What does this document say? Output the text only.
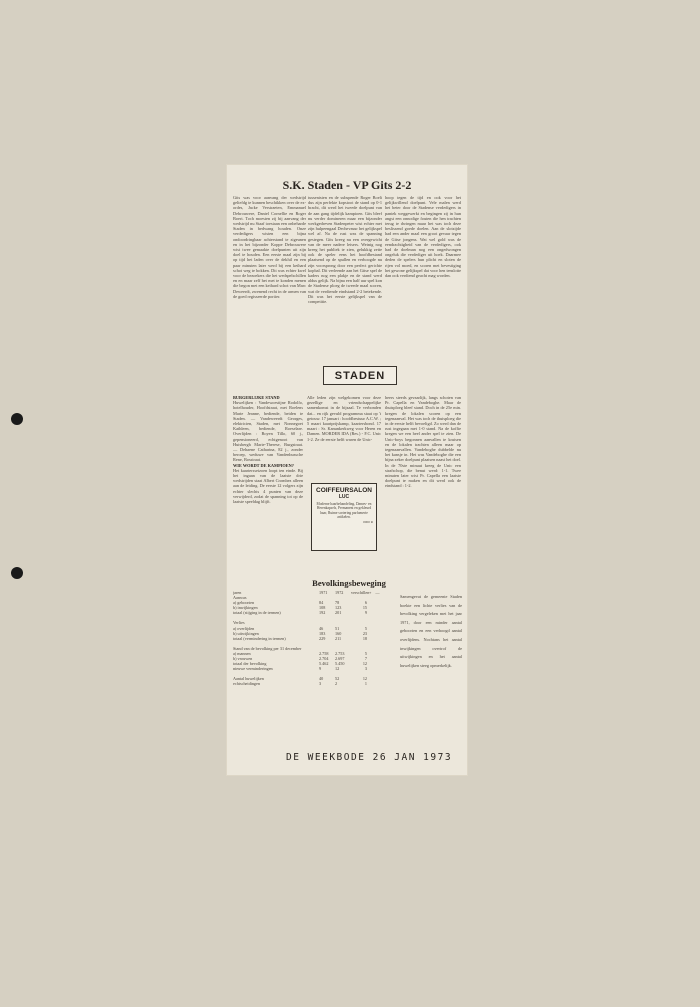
S.K. Staden - VP Gits 2-2
Gits was voor aanvang der wedstrijd geliefdg te kunnen beschikken over de ex-ordes, Jacke Verstraeten, Emmanuel Debrouwere, Daniel Cornellie en Roger Boeri. Toch moesten zij bij aanvang der wedstrijd nu Staaf toestaan een onbeharde Staden in bedwang houden. Onze verdedigers wisten een bijna ondoordringbaar achterstand te zigeunen en in het bijzonder Koppe Debrouwere wist twee gemaakte doelpunten uit zijn doel te houden. Een eerste maal zijn bij op tijd het laden over de dekhil en een paar minuten later werd bij een keihard schot weg te bokken. Dit was echter kwel voor de bezoekers die het wedspelschillen en en maar zelf het met te konden menen die begon met een keihard schot van Marc Deweerdt, zwenend recht in de armen van de goed regisseerde portier.
tussenisten en de subspende Roger Boeli dus zijn perfekte kopstoot de stand op 0-1 bracht, dit werd het tweede doelpunt van de aan gang tijdelijk kampioen. Gits bleef nu verder domineren maar een bijzonder werkgedreven Stadenpeter wist echter met zijn hulpeengaal Dechevasur het gelijkspel wel af. Na de rust was de spanning gestegen. Gits kreeg nu een overgewicht van de meer nadere leisers. Weinig nog kreeg het publiek te zien, gelukkig zette ook de speler eens het hoofdbestand plaatsend op de spullen en verhoogde nu zijn voorsprong door een perfect gerichte kopbal. Dit verleende aan het Gitse spel de kaders nog een plakje en de stand werd aldus gelijk. Na bijna een half uur spel kon de Stadense ploeg de tweede maal scoren, wat de verdiende eindstand 2-2 betekende. Dit was het eerste gelijkspel van de competitie.
hoop tegen de tijd en ook voor het gelijkwillend doelpunt. Vele malen werd het beter door de Stadense verdedigers in paniek weggewerkt en begingen zij in hun angst een onnodige fouten die hen trachten terug te dwingen maar het was toch deze beslissend goede doelen. Aan de slotzijde had een ander maal een groot gevaar tegen de Gitse jongens. Wat wel gold was de eendrachtigheid van de verdedigers, ook had de doelman nog een ongedwongen ongeluk die verdediger uit hoek. Daarmee deden de spelers hun plicht en sloten de rijen vol moed, en scoren met bevestiging het gewone gelijkspel dat voor hen tenslotte dan ook verdiend geacht mag worden.
STADEN
BURGERLIJKE STAND
Huwelijken : Vandewoestijne Rodolfo, hotelhouder, Hoofdstraat, met Roelens Marie Jeanne, bediende, beiden te Staden. — Vandeweerdt Georges, elektricien, Staden, met Nonnegoet Kathleen, bediende, Roeselare. Overlijden : Boyen Tillo, 60 j., gepensioneerd, echtgenoot van Huisbergh Marie-Therese, Burgstraat. — Dehaene Catharina, 82 j., zonder beroep, weduwe van Vandenbussche Rene, Bosstraat.
WIE WORDT DE KAMPIOEN?
Het kaartersseizoen loopt ten einde. Bij het ingaan van de laatste drie wedstrijden staat Albert Crombez alleen aan de leiding. De eerste 12 volgers zijn echter slechts 4 punten van deze verwijderd, zodat de spanning tot op de laatste speeldag blijft.
Alle leden zijn welgekomen voor deze gezellige en vriendschappelijke samenkomst in de bijzaal. Te verbonden dat... en rijk gevuld programma staat op 't getouw. 17 januari : hoofdbestuur A.C.W. ; 5 maart kaartprijskamp, kaartersbond. 17 maart : Sr. Kanunkerkweg voor Heren en Damen. MORDER IDA (Res.) - F.C. Unic 1-2. Ze de eerste helft waren de Unic-
COIFFEURSALON
LUC
Moderne haarbehandeling, Dames- en Herenkapsels, Permanent en gekleurd haar, Ruime sortering parfumerie artikelen.
0000 R
heers steeds gevaarlijk, langs schoten van Pr. Capella en Vandeboghe. Maar de thuisploeg bleef stand. Doch in de 25e min. kregen de lokalen scoren op een tegenaanval. Het was toch de thuisploeg die in de eerste helft bevoeligd. Zo werd dan de rust ingegaan met 1-0 stand. Na de koffie kregen we een heel ander spel te zien. De Unic-boys begonnen aanvallen te kruisen en de lokalen trachten alleen maar op tegenaanvallen. Vandeboghe dubbelde nu het kansje in. Het was Vandeboghe die een bijna zeker doelpunt plaatsen naast het doel. In de 70ste minuut kreeg de Unic een strafschop, die benut werd: 1-1. Twee minuten later wist Pr. Capella een laatste doelpunt te maken en dit werd ook de eindstand : 1-2.
Bevolkingsbeweging
jaren	1971	1972	verschillen + —
Aanwas
a) geboorten	84	78	6
b) inwijkingen	108	123	15
totaal (stijging in de termen)	192	201	9
Verlies
a) overlijden	46	51	5
b) uitwijkingen	183	160	23
totaal (vermindering in termen)	229	211	18
Stand van de bevolking per 31 december
a) mannen	2.758	2.753	5
b) vrouwen	2.704	2.697	7
totaal der bevolking	5.462	5.450	12
nieuwe verminderingen	9	12	3
Aantal huwelijken	40	52	12
echtscheidingen	3	2	1
Samengevat de gemeente Staden boekte een lichte verlies van de bevolking vergeleken met het jaar 1971, door een minder aantal geboorten en een verhoogd aantal overlijdens. Nochtans het aantal inwijkingen overtrof de uitwijkingen en het aantal huwelijken steeg opmerkelijk.
DE WEEKBODE 26 JAN 1973
